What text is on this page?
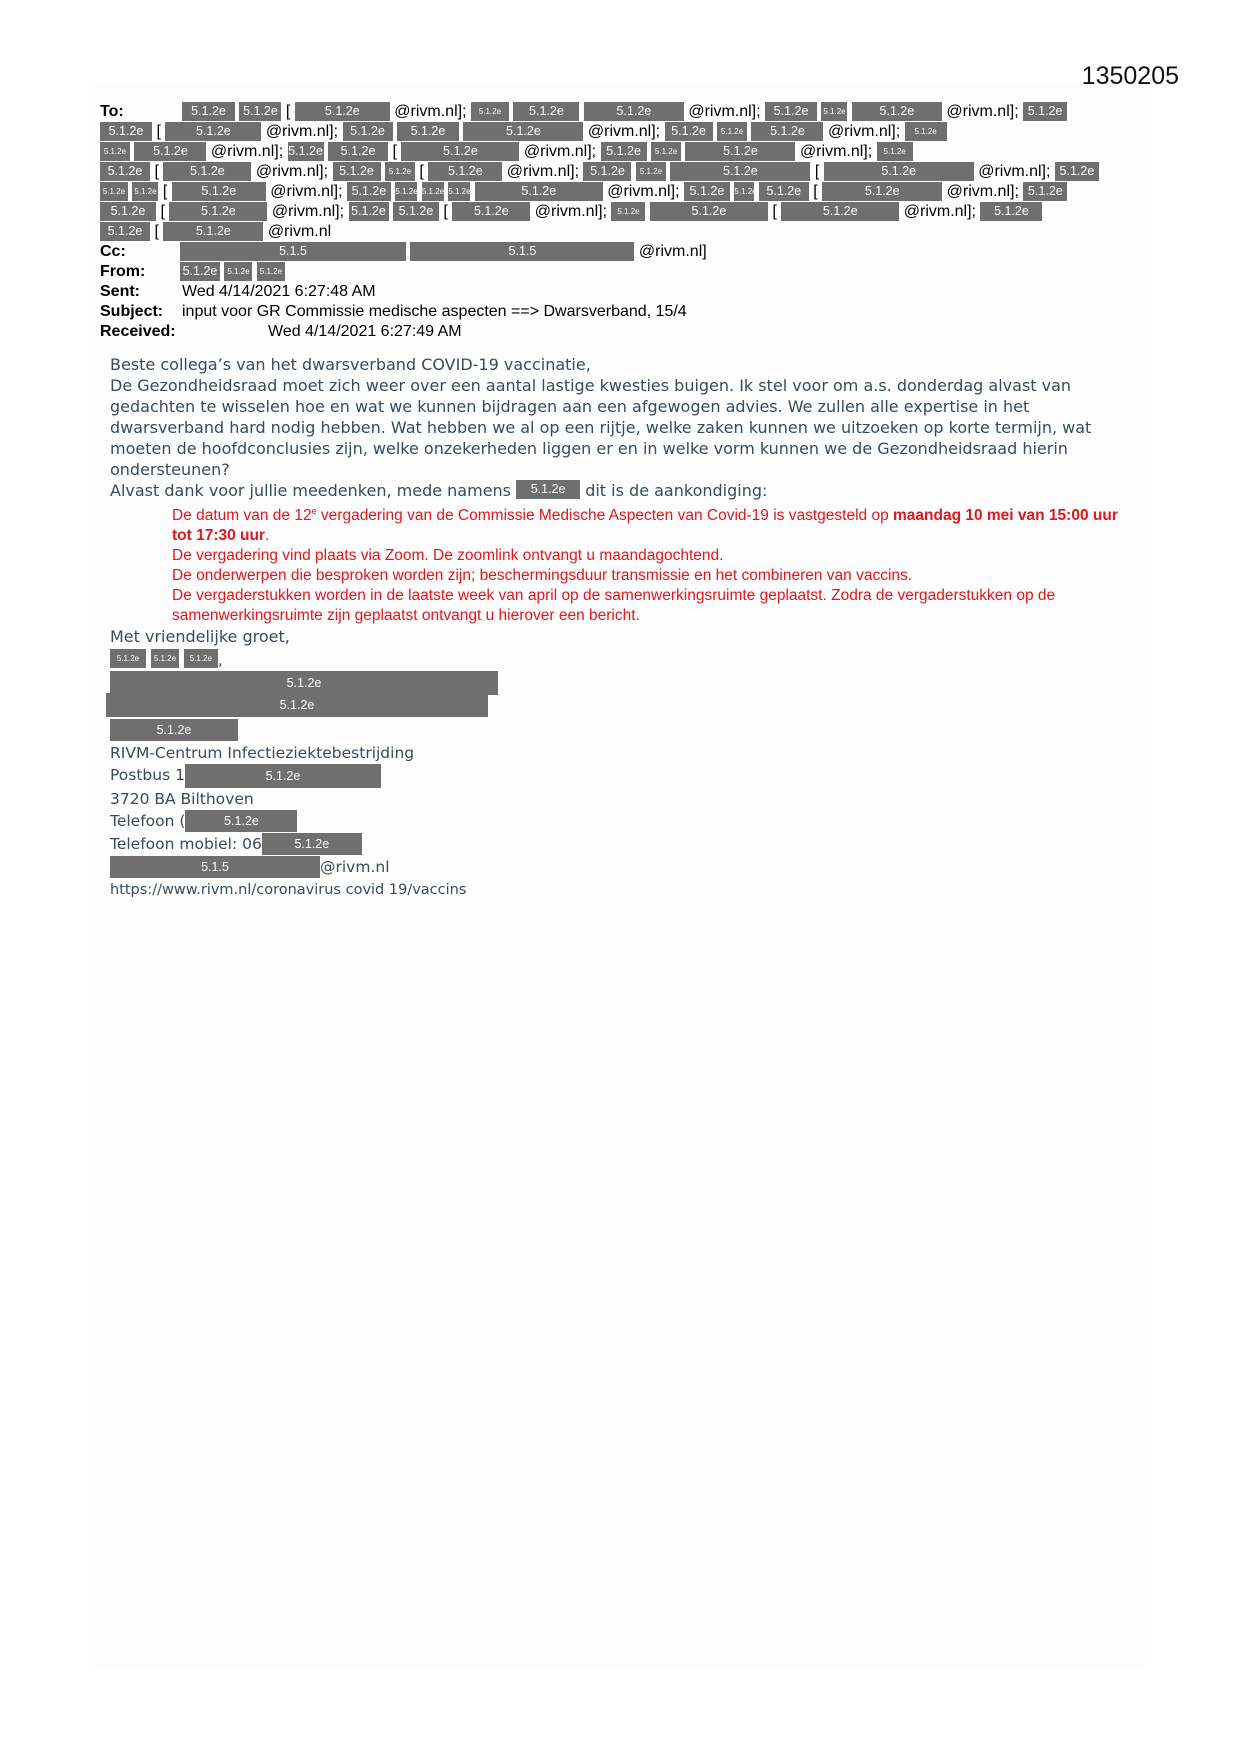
1350205
To:	5.1.2e 5.1.2e [	5.1.2e @rivm.nl]; 5.1.2e 5.1.2e	5.1.2e @rivm.nl]; 5.1.2e 5.1.2e	5.1.2e @rivm.nl]; 5.1.2e
5.1.2e [	5.1.2e @rivm.nl]; 5.1.2e 5.1.2e	5.1.2e	@rivm.nl]; 5.1.2e 5.1.2e 5.1.2e @rivm.nl]; 5.1.2e
5.1.2e 5.1.2e @rivm.nl]; 5.1.2e 5.1.2e [	5.1.2e	@rivm.nl]; 5.1.2e 5.1.2e	5.1.2e	@rivm.nl]; 5.1.2e
5.1.2e [ 5.1.2e @rivm.nl]; 5.1.2e 5.1.2e [ 5.1.2e @rivm.nl]; 5.1.2e 5.1.2e	5.1.2e	[	5.1.2e	@rivm.nl]; 5.1.2e
5.1.2e 5.1.2e [	5.1.2e @rivm.nl]; 5.1.2e 5.1.2e 5.1.2e 5.1.2e	5.1.2e	@rivm.nl]; 5.1.2e 5.1.2e 5.1.2e [	5.1.2e	@rivm.nl]; 5.1.2e
5.1.2e [	5.1.2e @rivm.nl]; 5.1.2e 5.1.2e [ 5.1.2e @rivm.nl]; 5.1.2e	5.1.2e	[	5.1.2e	@rivm.nl]; 5.1.2e
5.1.2e [	5.1.2e @rivm.nl
Cc:	5.1.5	5.1.5	@rivm.nl]
From:	5.1.2e 5.1.2e 5.1.2e
Sent:	Wed 4/14/2021 6:27:48 AM
Subject: input voor GR Commissie medische aspecten ==> Dwarsverband, 15/4
Received:	Wed 4/14/2021 6:27:49 AM

Beste collega’s van het dwarsverband COVID-19 vaccinatie,

De Gezondheidsraad moet zich weer over een aantal lastige kwesties buigen. Ik stel voor om a.s. donderdag alvast van gedachten te wisselen hoe en wat we kunnen bijdragen aan een afgewogen advies. We zullen alle expertise in het dwarsverband hard nodig hebben. Wat hebben we al op een rijtje, welke zaken kunnen we uitzoeken op korte termijn, wat moeten de hoofdconclusies zijn, welke onzekerheden liggen er en in welke vorm kunnen we de Gezondheidsraad hierin ondersteunen?

Alvast dank voor jullie meedenken, mede namens 5.1.2e dit is de aankondiging:

De datum van de 12e vergadering van de Commissie Medische Aspecten van Covid-19 is vastgesteld op maandag 10 mei van 15:00 uur tot 17:30 uur.
De vergadering vind plaats via Zoom. De zoomlink ontvangt u maandagochtend.
De onderwerpen die besproken worden zijn; beschermingsduur transmissie en het combineren van vaccins.
De vergaderstukken worden in de laatste week van april op de samenwerkingsruimte geplaatst. Zodra de vergaderstukken op de samenwerkingsruimte zijn geplaatst ontvangt u hierover een bericht.

Met vriendelijke groet,

5.1.2e 5.1.2e 5.1.2e ,
5.1.2e
5.1.2e
5.1.2e
RIVM-Centrum Infectieziektebestrijding
Postbus 1	5.1.2e
3720 BA Bilthoven
Telefoon (	5.1.2e
Telefoon mobiel: 06	5.1.2e
5.1.5	@rivm.nl
https://www.rivm.nl/coronavirus covid 19/vaccins
